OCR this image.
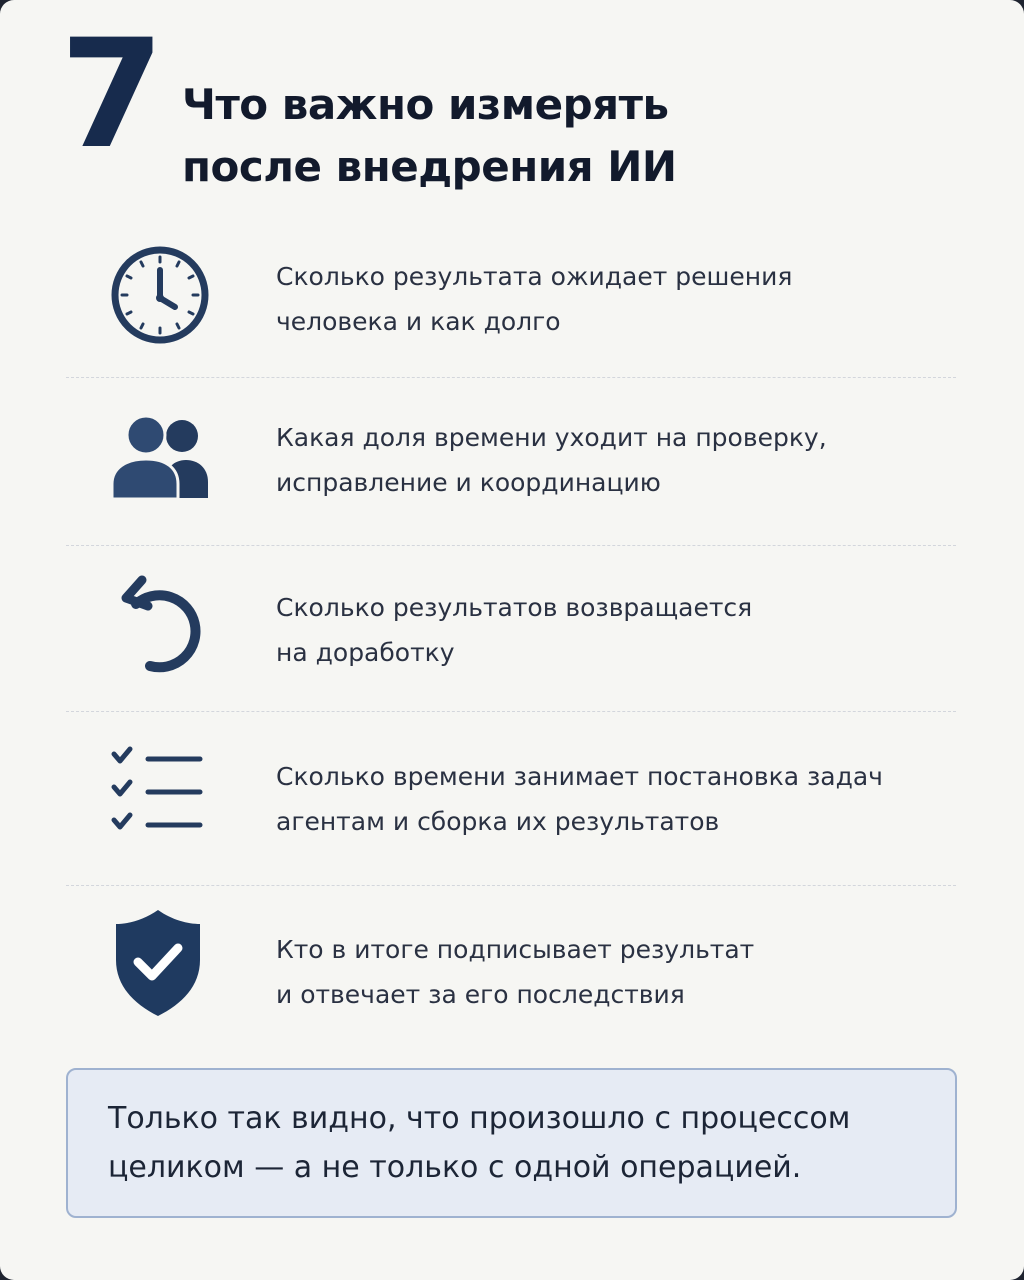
7 Что важно измерять
после внедрения ИИ
Сколько результата ожидает решения
человека и как долго
Какая доля времени уходит на проверку,
исправление и координацию
Сколько результатов возвращается
на доработку
Сколько времени занимает постановка задач
агентам и сборка их результатов
Кто в итоге подписывает результат
и отвечает за его последствия
Только так видно, что произошло с процессом
целиком — а не только с одной операцией.
